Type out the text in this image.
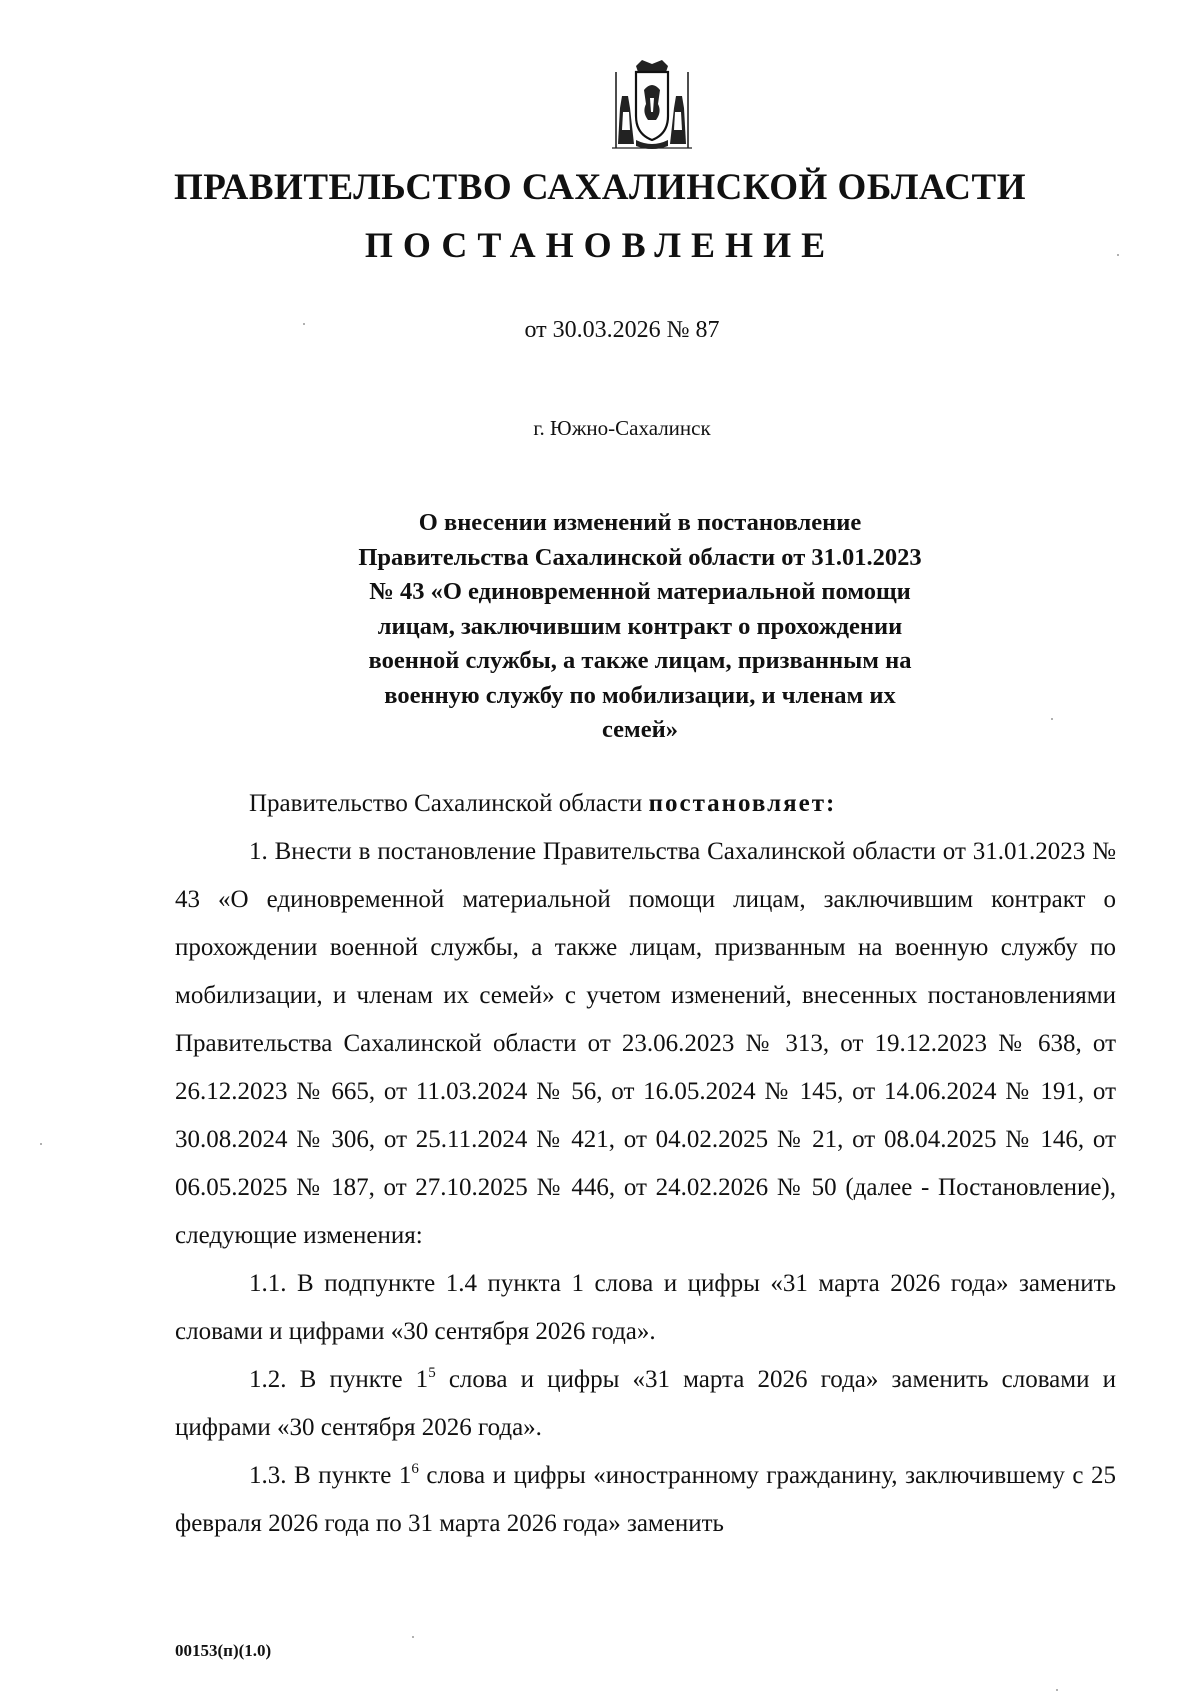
ПРАВИТЕЛЬСТВО САХАЛИНСКОЙ ОБЛАСТИ
ПОСТАНОВЛЕНИЕ

от 30.03.2026 № 87

г. Южно-Сахалинск

О внесении изменений в постановление
Правительства Сахалинской области от 31.01.2023
№ 43 «О единовременной материальной помощи
лицам, заключившим контракт о прохождении
военной службы, а также лицам, призванным на
военную службу по мобилизации, и членам их
семей»

Правительство Сахалинской области постановляет:

1. Внести в постановление Правительства Сахалинской области от 31.01.2023 № 43 «О единовременной материальной помощи лицам, заключившим контракт о прохождении военной службы, а также лицам, призванным на военную службу по мобилизации, и членам их семей» с учетом изменений, внесенных постановлениями Правительства Сахалинской области от 23.06.2023 № 313, от 19.12.2023 № 638, от 26.12.2023 № 665, от 11.03.2024 № 56, от 16.05.2024 № 145, от 14.06.2024 № 191, от 30.08.2024 № 306, от 25.11.2024 № 421, от 04.02.2025 № 21, от 08.04.2025 № 146, от 06.05.2025 № 187, от 27.10.2025 № 446, от 24.02.2026 № 50 (далее - Постановление), следующие изменения:

1.1. В подпункте 1.4 пункта 1 слова и цифры «31 марта 2026 года» заменить словами и цифрами «30 сентября 2026 года».

1.2. В пункте $1^5$ слова и цифры «31 марта 2026 года» заменить словами и цифрами «30 сентября 2026 года».

1.3. В пункте $1^6$ слова и цифры «иностранному гражданину, заключившему с 25 февраля 2026 года по 31 марта 2026 года» заменить

00153(п)(1.0)
